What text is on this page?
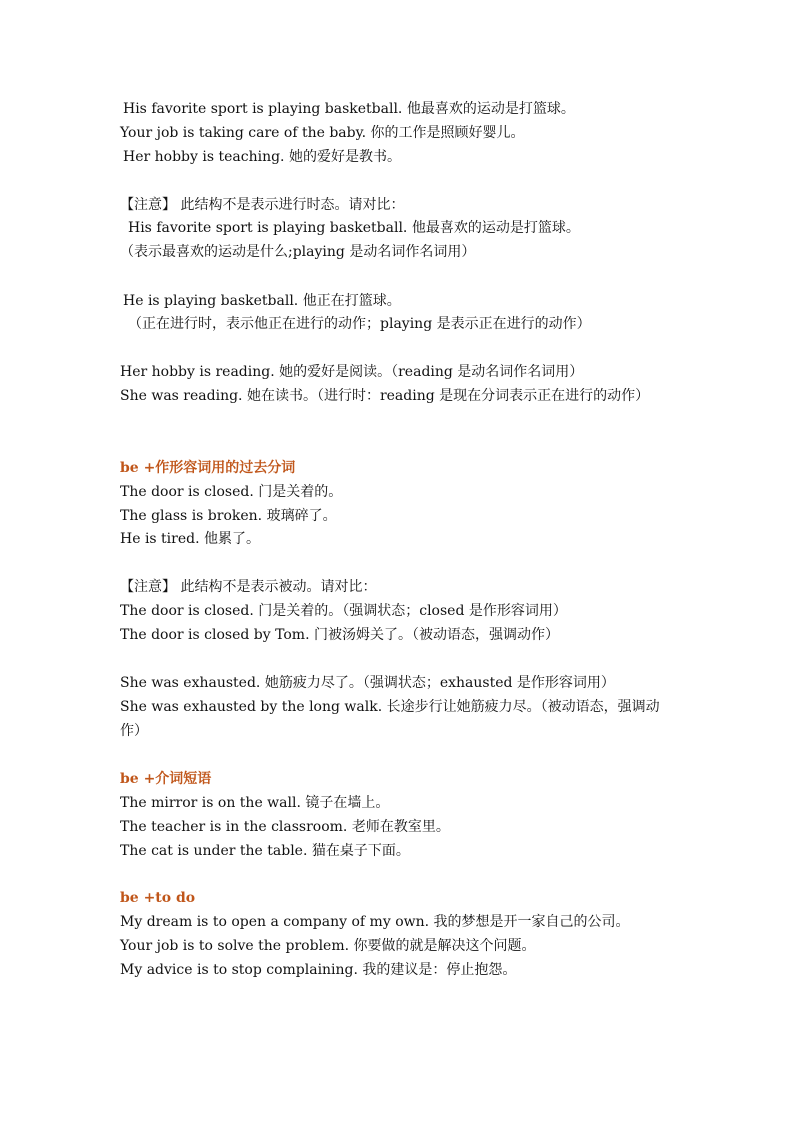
His favorite sport is playing basketball. 他最喜欢的运动是打篮球。
Your job is taking care of the baby. 你的工作是照顾好婴儿。
Her hobby is teaching. 她的爱好是教书。
【注意】 此结构不是表示进行时态。请对比：
His favorite sport is playing basketball. 他最喜欢的运动是打篮球。
（表示最喜欢的运动是什么;playing 是动名词作名词用）
He is playing basketball. 他正在打篮球。
（正在进行时，表示他正在进行的动作；playing 是表示正在进行的动作）
Her hobby is reading. 她的爱好是阅读。（reading 是动名词作名词用）
She was reading. 她在读书。（进行时：reading 是现在分词表示正在进行的动作）
be +作形容词用的过去分词
The door is closed. 门是关着的。
The glass is broken. 玻璃碎了。
He is tired. 他累了。
【注意】 此结构不是表示被动。请对比：
The door is closed. 门是关着的。（强调状态；closed 是作形容词用）
The door is closed by Tom. 门被汤姆关了。（被动语态，强调动作）
She was exhausted. 她筋疲力尽了。（强调状态；exhausted 是作形容词用）
She was exhausted by the long walk. 长途步行让她筋疲力尽。（被动语态，强调动作）
be +介词短语
The mirror is on the wall. 镜子在墙上。
The teacher is in the classroom. 老师在教室里。
The cat is under the table. 猫在桌子下面。
be +to do
My dream is to open a company of my own. 我的梦想是开一家自己的公司。
Your job is to solve the problem. 你要做的就是解决这个问题。
My advice is to stop complaining. 我的建议是：停止抱怨。
